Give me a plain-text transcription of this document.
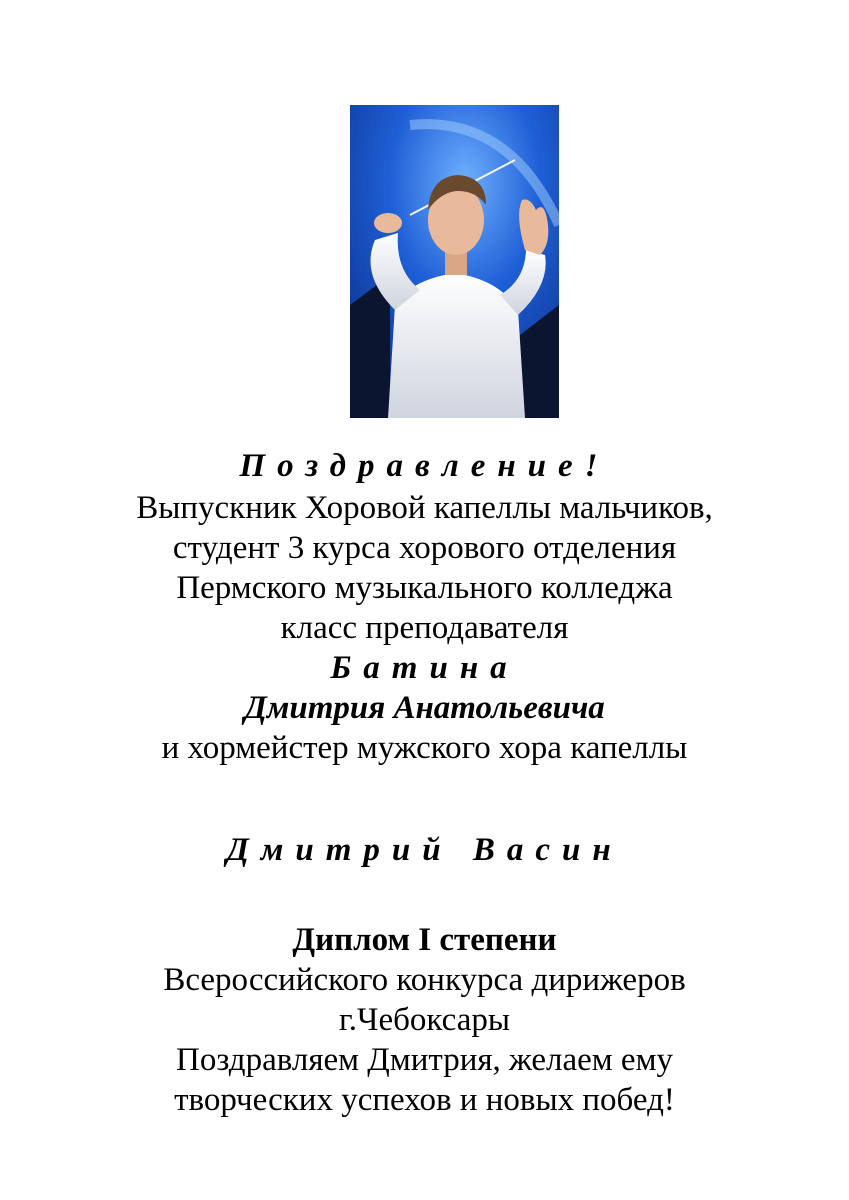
Поздравление!
Выпускник Хоровой капеллы мальчиков,
студент 3 курса хорового отделения
Пермского музыкального колледжа
класс преподавателя
Батина
Дмитрия Анатольевича
и хормейстер мужского хора капеллы
Дмитрий Васин
Диплом I степени
Всероссийского конкурса дирижеров
г.Чебоксары
Поздравляем Дмитрия, желаем ему
творческих успехов и новых побед!
